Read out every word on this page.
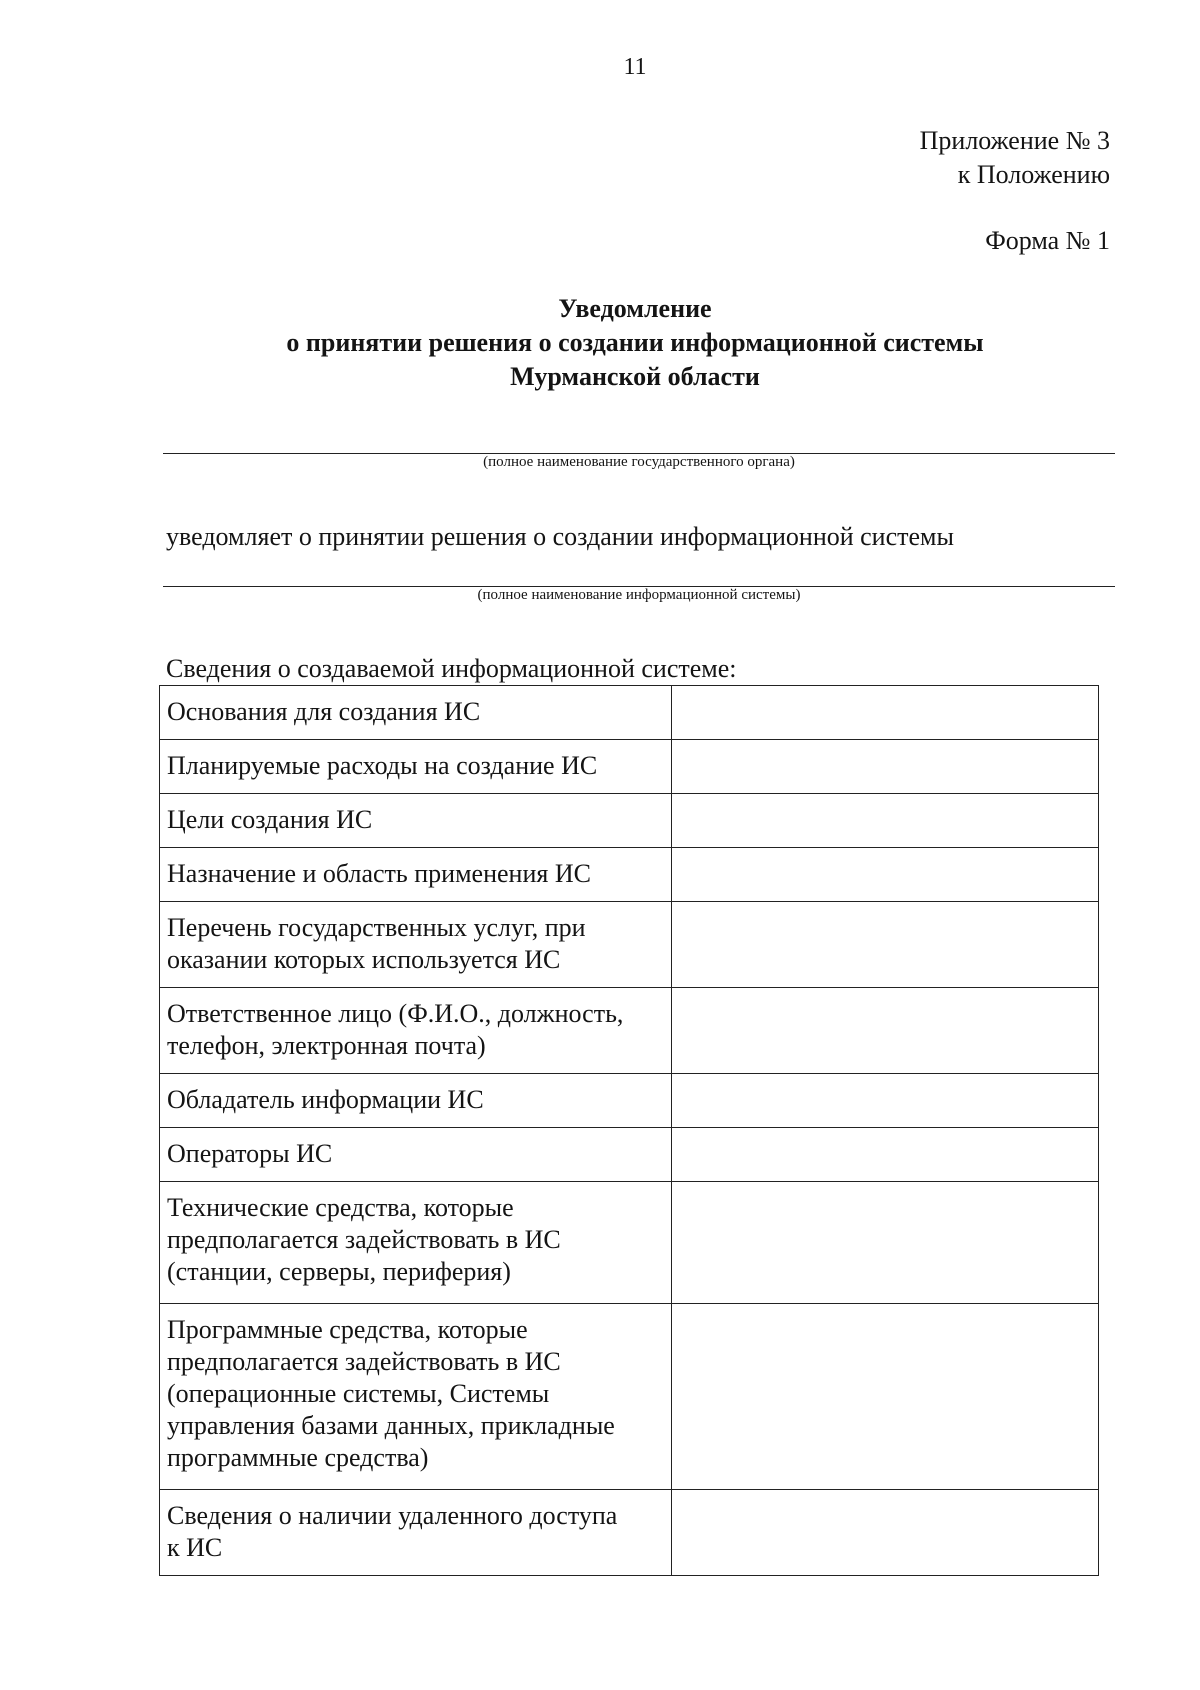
11
Приложение № 3
к Положению
Форма № 1
Уведомление
о принятии решения о создании информационной системы
Мурманской области
(полное наименование государственного органа)
уведомляет о принятии решения о создании информационной системы
(полное наименование информационной системы)
Сведения о создаваемой информационной системе:
Основания для создания ИС	

Планируемые расходы на создание ИС	

Цели создания ИС	

Назначение и область применения ИС	

Перечень государственных услуг, при
оказании которых используется ИС	

Ответственное лицо (Ф.И.О., должность,
телефон, электронная почта)	

Обладатель информации ИС	

Операторы ИС	

Технические средства, которые
предполагается задействовать в ИС
(станции, серверы, периферия)	

Программные средства, которые
предполагается задействовать в ИС
(операционные системы, Системы
управления базами данных, прикладные
программные средства)	

Сведения о наличии удаленного доступа
к ИС	
